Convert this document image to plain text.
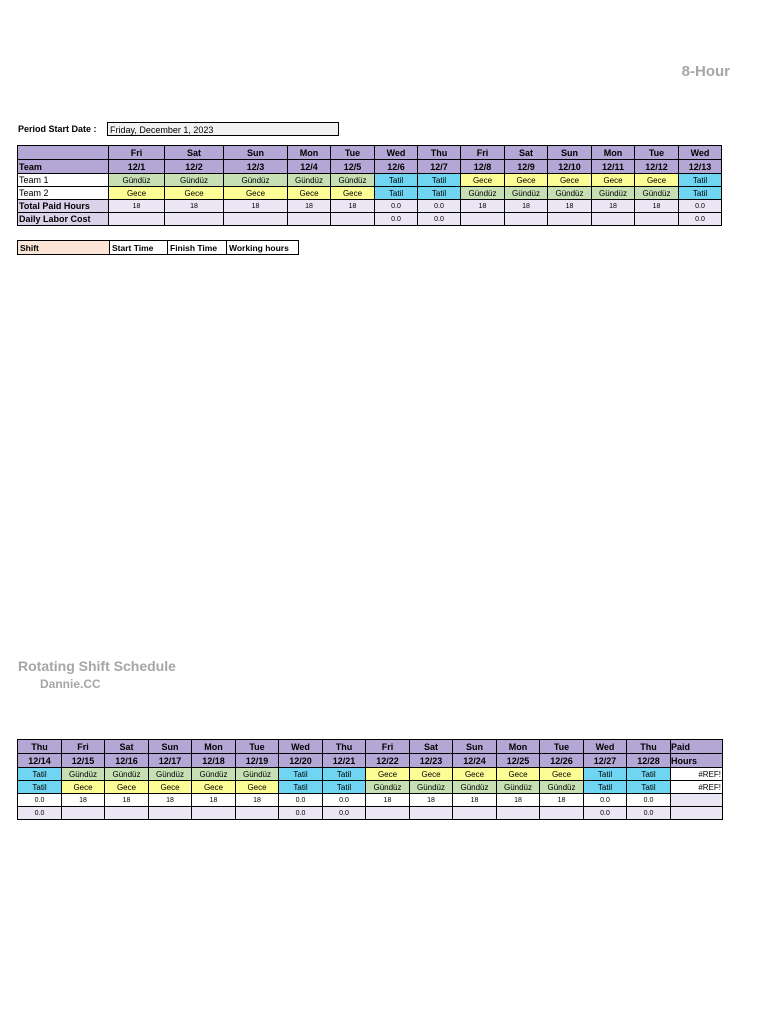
8-Hour
Period Start Date :	Friday, December 1, 2023
	Fri	Sat	Sun	Mon	Tue	Wed	Thu	Fri	Sat	Sun	Mon	Tue	Wed
Team	12/1	12/2	12/3	12/4	12/5	12/6	12/7	12/8	12/9	12/10	12/11	12/12	12/13
Team 1	Gündüz	Gündüz	Gündüz	Gündüz	Gündüz	Tatil	Tatil	Gece	Gece	Gece	Gece	Gece	Tatil
Team 2	Gece	Gece	Gece	Gece	Gece	Tatil	Tatil	Gündüz	Gündüz	Gündüz	Gündüz	Gündüz	Tatil
Total Paid Hours	18	18	18	18	18	0.0	0.0	18	18	18	18	18	0.0
Daily Labor Cost						0.0	0.0						0.0
Shift	Start Time	Finish Time	Working hours
Rotating Shift Schedule
Dannie.CC
Thu	Fri	Sat	Sun	Mon	Tue	Wed	Thu	Fri	Sat	Sun	Mon	Tue	Wed	Thu	Paid
12/14	12/15	12/16	12/17	12/18	12/19	12/20	12/21	12/22	12/23	12/24	12/25	12/26	12/27	12/28	Hours
Tatil	Gündüz	Gündüz	Gündüz	Gündüz	Gündüz	Tatil	Tatil	Gece	Gece	Gece	Gece	Gece	Tatil	Tatil	#REF!
Tatil	Gece	Gece	Gece	Gece	Gece	Tatil	Tatil	Gündüz	Gündüz	Gündüz	Gündüz	Gündüz	Tatil	Tatil	#REF!
0.0	18	18	18	18	18	0.0	0.0	18	18	18	18	18	0.0	0.0	
0.0						0.0	0.0						0.0	0.0	
